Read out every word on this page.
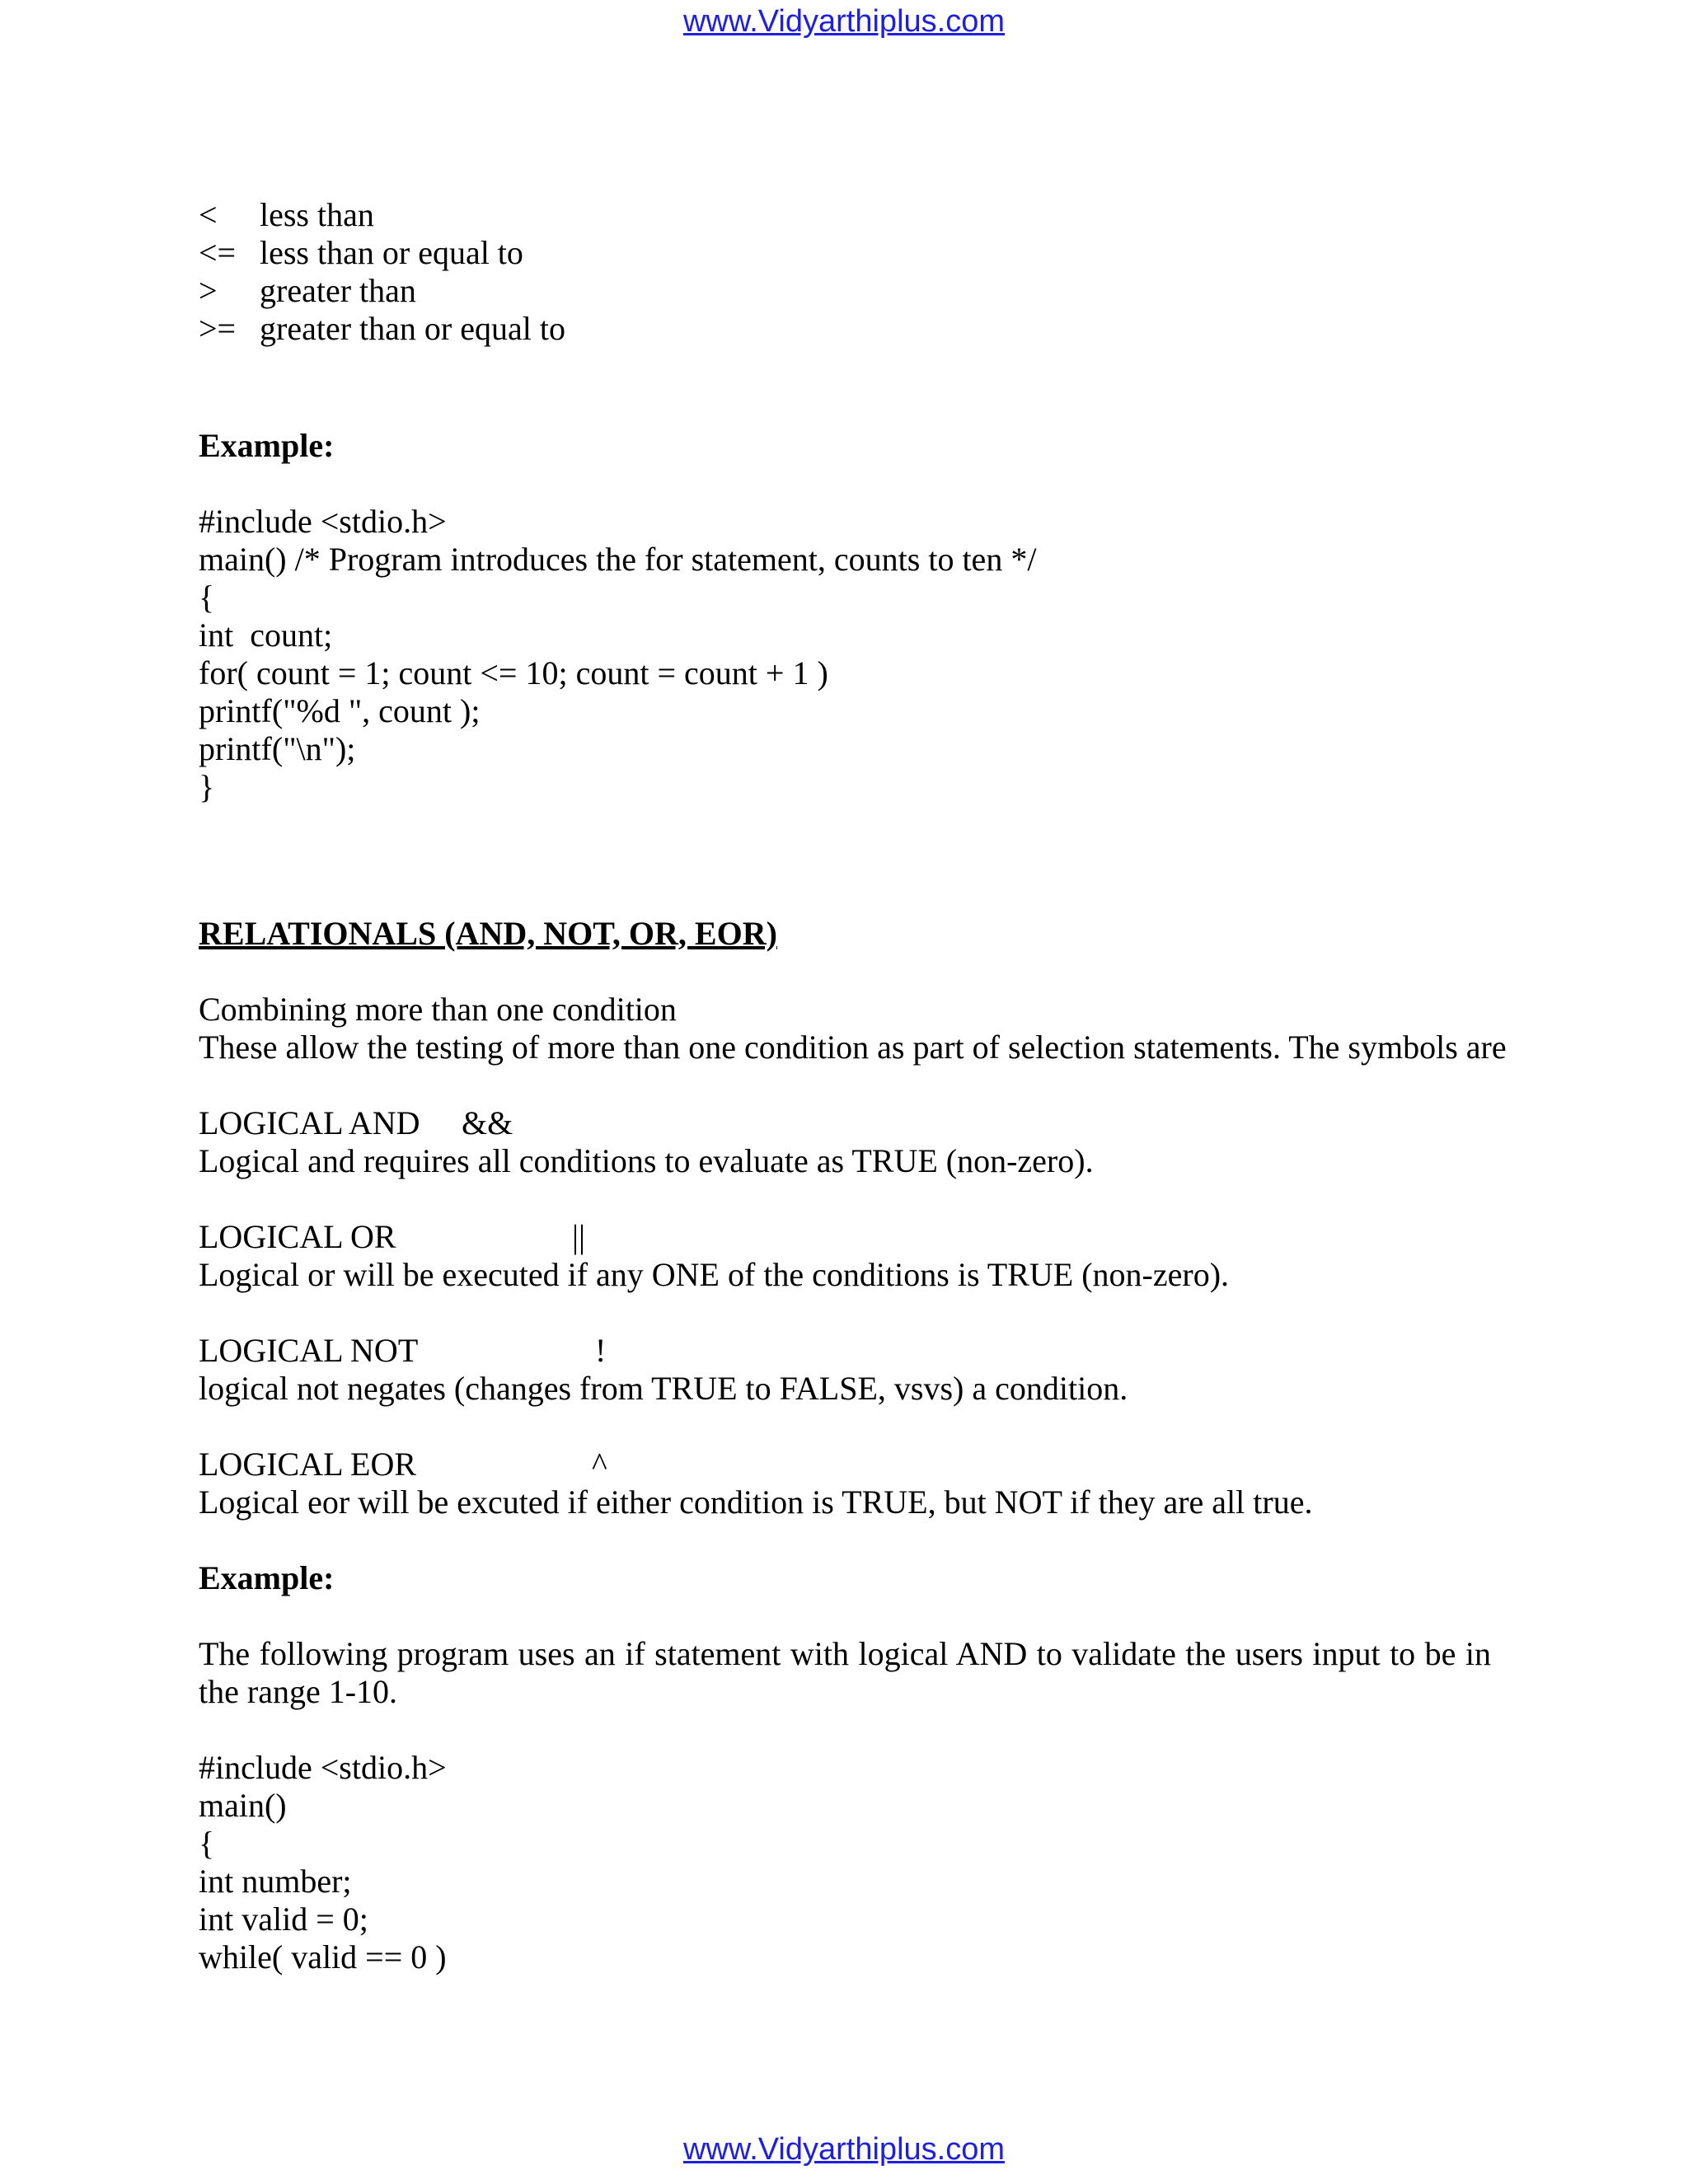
www.Vidyarthiplus.com
< less than
<= less than or equal to
> greater than
>= greater than or equal to
Example:
#include <stdio.h>
main() /* Program introduces the for statement, counts to ten */
{
int  count;
for( count = 1; count <= 10; count = count + 1 )
printf("%d ", count );
printf("\n");
}
RELATIONALS (AND, NOT, OR, EOR)
Combining more than one condition
These allow the testing of more than one condition as part of selection statements. The symbols are
LOGICAL AND &&
Logical and requires all conditions to evaluate as TRUE (non-zero).
LOGICAL OR	||
Logical or will be executed if any ONE of the conditions is TRUE (non-zero).
LOGICAL NOT	!
logical not negates (changes from TRUE to FALSE, vsvs) a condition.
LOGICAL EOR	^
Logical eor will be excuted if either condition is TRUE, but NOT if they are all true.
Example:
The following program uses an if statement with logical AND to validate the users input to be in the range 1-10.
#include <stdio.h>
main()
{
int number;
int valid = 0;
while( valid == 0 )
www.Vidyarthiplus.com
